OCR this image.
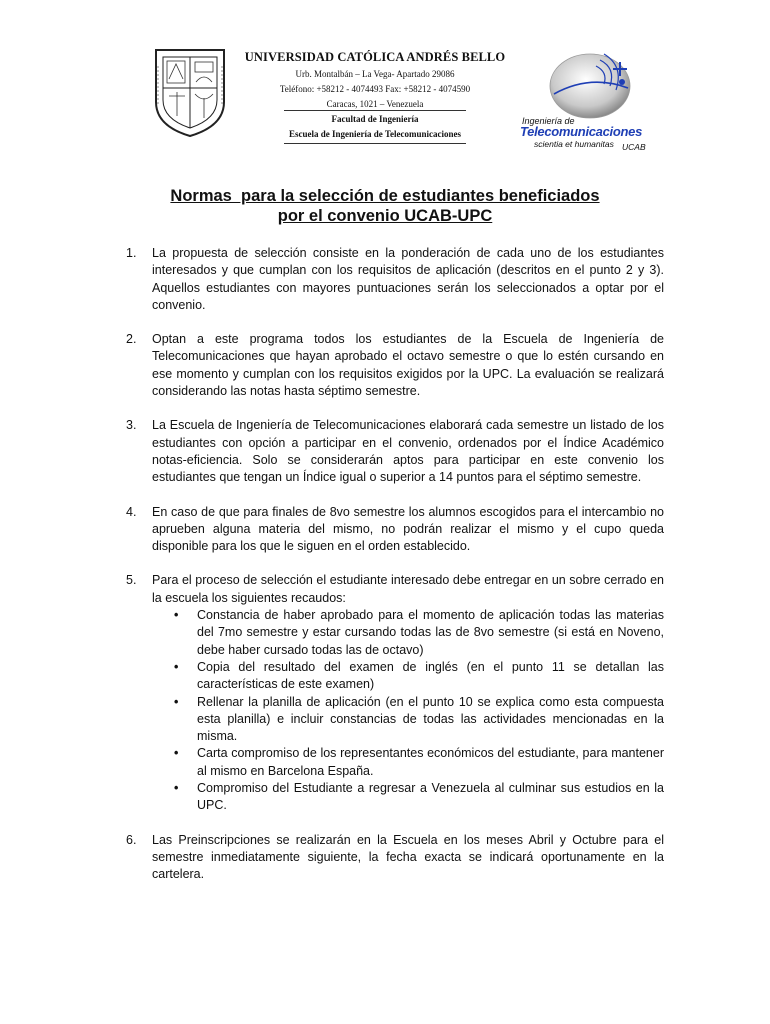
UNIVERSIDAD CATÓLICA ANDRÉS BELLO
Urb. Montalbán – La Vega- Apartado 29086
Teléfono: +58212 - 4074493 Fax: +58212 - 4074590
Caracas, 1021 – Venezuela
Facultad de Ingeniería
Escuela de Ingeniería de Telecomunicaciones
Ingeniería de
Telecomunicaciones
scientia et humanitas UCAB
Normas  para la selección de estudiantes beneficiados
por el convenio UCAB-UPC
1. La propuesta de selección consiste en la ponderación de cada uno de los estudiantes interesados y que cumplan con los requisitos de aplicación (descritos en el punto 2 y 3). Aquellos estudiantes con mayores puntuaciones serán los seleccionados a optar por el convenio.
2. Optan a este programa todos los estudiantes de la Escuela de Ingeniería de Telecomunicaciones que hayan aprobado el octavo semestre o que lo estén cursando en ese momento y cumplan con los requisitos exigidos por la UPC. La evaluación se realizará considerando las notas hasta séptimo semestre.
3. La Escuela de Ingeniería de Telecomunicaciones elaborará cada semestre un listado de los estudiantes con opción a participar en el convenio, ordenados por el Índice Académico notas-eficiencia. Solo se considerarán aptos para participar en este convenio los estudiantes que tengan un Índice igual o superior a 14 puntos para el séptimo semestre.
4. En caso de que para finales de 8vo semestre los alumnos escogidos para el intercambio no aprueben alguna materia del mismo, no podrán realizar el mismo y el cupo queda disponible para los que le siguen en el orden establecido.
5. Para el proceso de selección el estudiante interesado debe entregar en un sobre cerrado en la escuela los siguientes recaudos:
• Constancia de haber aprobado para el momento de aplicación todas las materias del 7mo semestre y estar cursando todas las de 8vo semestre (si está en Noveno, debe haber cursado todas las de octavo)
• Copia del resultado del examen de inglés (en el punto 11 se detallan las características de este examen)
• Rellenar la planilla de aplicación (en el punto 10 se explica como esta compuesta esta planilla) e incluir constancias de todas las actividades mencionadas en la misma.
• Carta compromiso de los representantes económicos del estudiante, para mantener al mismo en Barcelona España.
• Compromiso del Estudiante a regresar a Venezuela al culminar sus estudios en la UPC.
6. Las Preinscripciones se realizarán en la Escuela en los meses Abril y Octubre para el semestre inmediatamente siguiente, la fecha exacta se indicará oportunamente en la cartelera.
